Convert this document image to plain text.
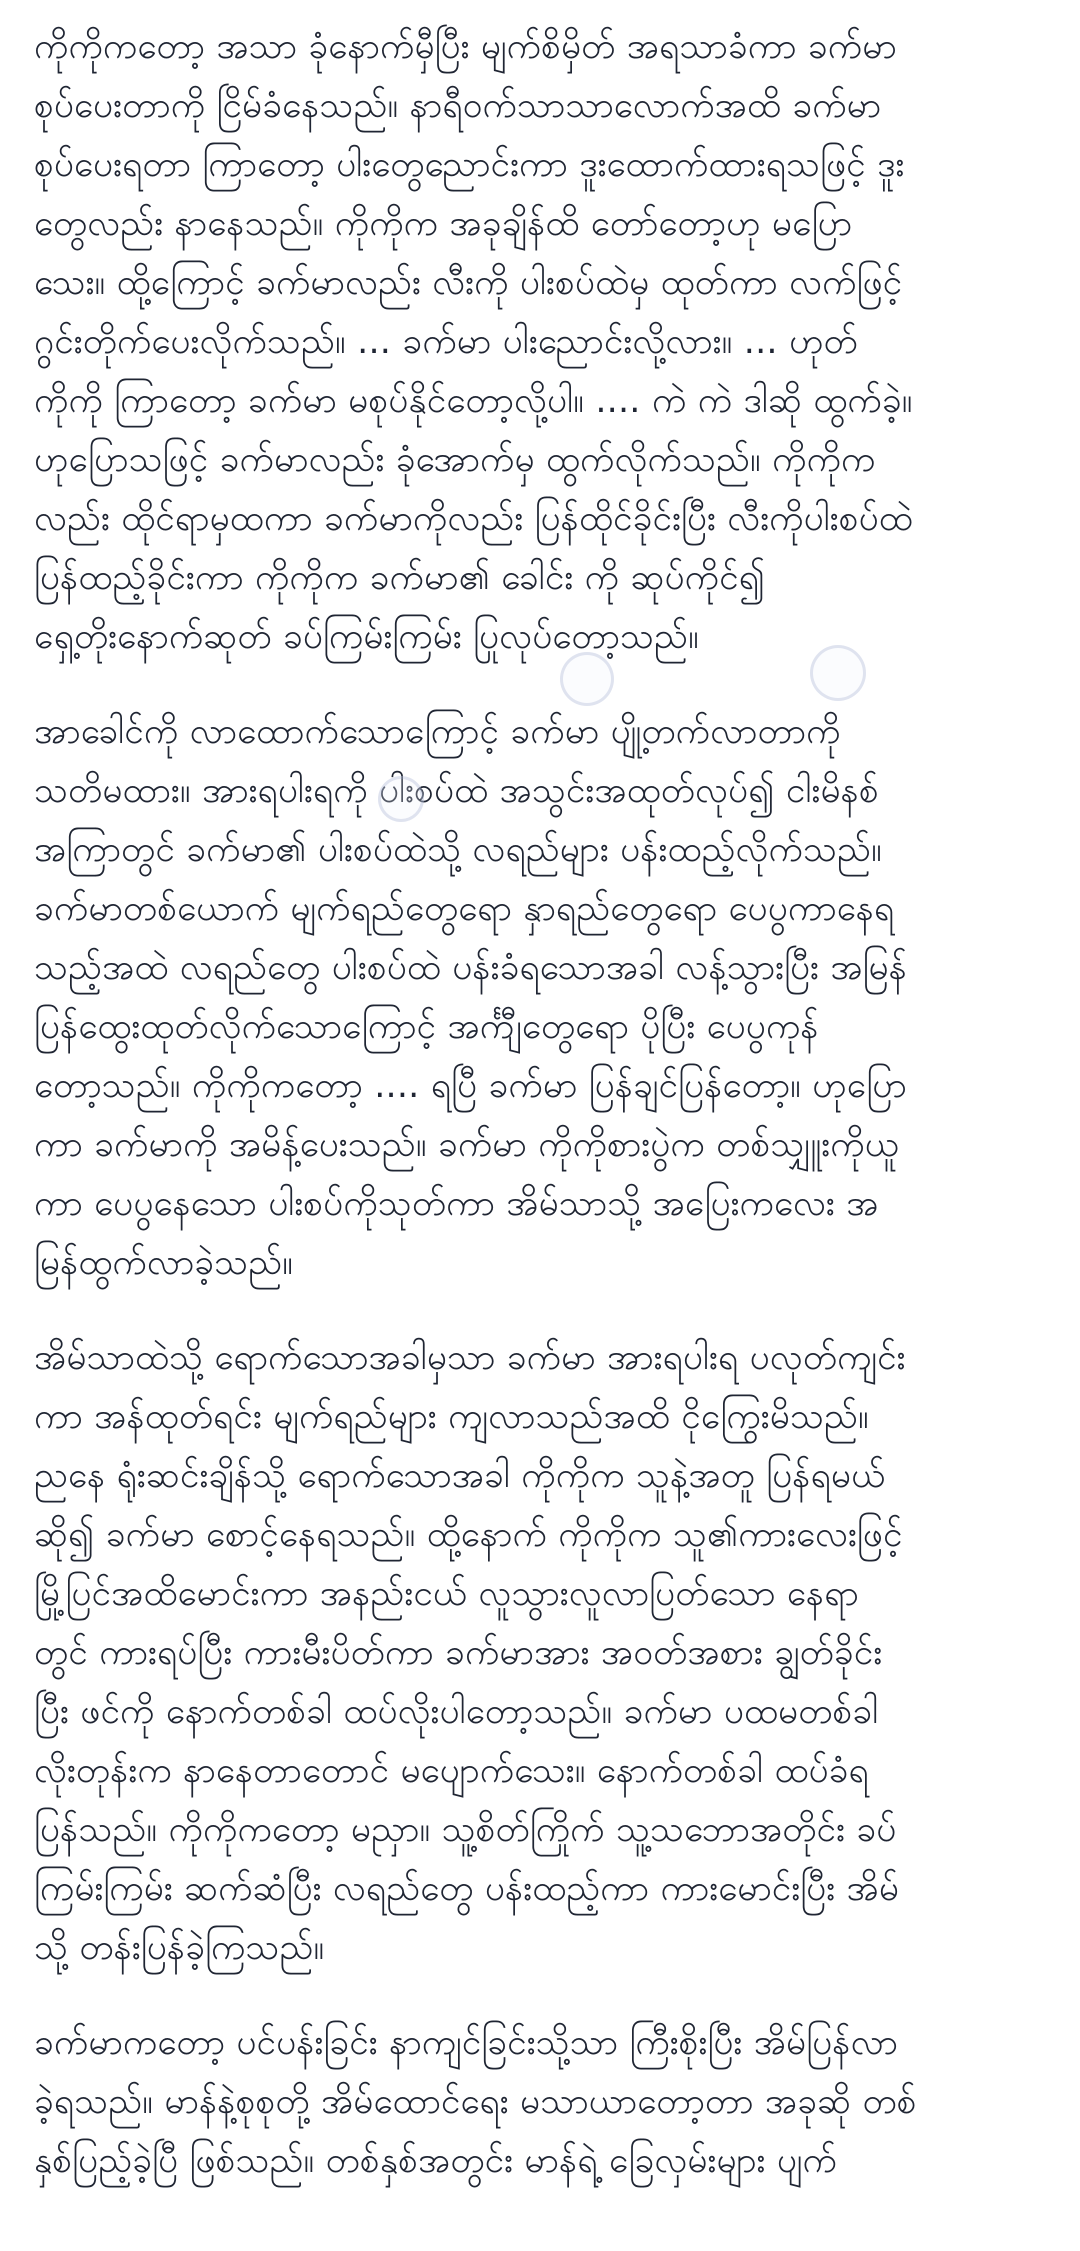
ကိုကိုကတော့ အသာ ခုံနောက်မှီပြီး မျက်စိမှိတ် အရသာခံကာ ခက်မာ
စုပ်ပေးတာကို ငြိမ်ခံနေသည်။ နာရီဝက်သာသာလောက်အထိ ခက်မာ
စုပ်ပေးရတာ ကြာတော့ ပါးတွေညောင်းကာ ဒူးထောက်ထားရသဖြင့် ဒူး
တွေလည်း နာနေသည်။ ကိုကိုက အခုချိန်ထိ တော်တော့ဟု မပြော
သေး။ ထို့ကြောင့် ခက်မာလည်း လီးကို ပါးစပ်ထဲမှ ထုတ်ကာ လက်ဖြင့်
ဂွင်းတိုက်ပေးလိုက်သည်။ ... ခက်မာ ပါးညောင်းလို့လား။ ... ဟုတ်
ကိုကို ကြာတော့ ခက်မာ မစုပ်နိုင်တော့လို့ပါ။ .... ကဲ ကဲ ဒါဆို ထွက်ခဲ့။
ဟုပြောသဖြင့် ခက်မာလည်း ခုံအောက်မှ ထွက်လိုက်သည်။ ကိုကိုက
လည်း ထိုင်ရာမှထကာ ခက်မာကိုလည်း ပြန်ထိုင်ခိုင်းပြီး လီးကိုပါးစပ်ထဲ
ပြန်ထည့်ခိုင်းကာ ကိုကိုက ခက်မာ၏ ခေါင်း ကို ဆုပ်ကိုင်၍
ရှေ့တိုးနောက်ဆုတ် ခပ်ကြမ်းကြမ်း ပြုလုပ်တော့သည်။
အာခေါင်ကို လာထောက်သောကြောင့် ခက်မာ ပျို့တက်လာတာကို
သတိမထား။ အားရပါးရကို ပါးစပ်ထဲ အသွင်းအထုတ်လုပ်၍ ငါးမိနစ်
အကြာတွင် ခက်မာ၏ ပါးစပ်ထဲသို့ လရည်များ ပန်းထည့်လိုက်သည်။
ခက်မာတစ်ယောက် မျက်ရည်တွေရော နှာရည်တွေရော ပေပွကာနေရ
သည့်အထဲ လရည်တွေ ပါးစပ်ထဲ ပန်းခံရသောအခါ လန့်သွားပြီး အမြန်
ပြန်ထွေးထုတ်လိုက်သောကြောင့် အင်္ကျီတွေရော ပိုပြီး ပေပွကုန်
တော့သည်။ ကိုကိုကတော့ .... ရပြီ ခက်မာ ပြန်ချင်ပြန်တော့။ ဟုပြော
ကာ ခက်မာကို အမိန့်ပေးသည်။ ခက်မာ ကိုကိုစားပွဲက တစ်သျှူးကိုယူ
ကာ ပေပွနေသော ပါးစပ်ကိုသုတ်ကာ အိမ်သာသို့ အပြေးကလေး အ
မြန်ထွက်လာခဲ့သည်။
အိမ်သာထဲသို့ ရောက်သောအခါမှသာ ခက်မာ အားရပါးရ ပလုတ်ကျင်း
ကာ အန်ထုတ်ရင်း မျက်ရည်များ ကျလာသည်အထိ ငိုကြွေးမိသည်။
ညနေ ရုံးဆင်းချိန်သို့ ရောက်သောအခါ ကိုကိုက သူနဲ့အတူ ပြန်ရမယ်
ဆို၍ ခက်မာ စောင့်နေရသည်။ ထို့နောက် ကိုကိုက သူ၏ကားလေးဖြင့်
မြို့ပြင်အထိမောင်းကာ အနည်းငယ် လူသွားလူလာပြတ်သော နေရာ
တွင် ကားရပ်ပြီး ကားမီးပိတ်ကာ ခက်မာအား အဝတ်အစား ချွတ်ခိုင်း
ပြီး ဖင်ကို နောက်တစ်ခါ ထပ်လိုးပါတော့သည်။ ခက်မာ ပထမတစ်ခါ
လိုးတုန်းက နာနေတာတောင် မပျောက်သေး။ နောက်တစ်ခါ ထပ်ခံရ
ပြန်သည်။ ကိုကိုကတော့ မညှာ။ သူ့စိတ်ကြိုက် သူ့သဘောအတိုင်း ခပ်
ကြမ်းကြမ်း ဆက်ဆံပြီး လရည်တွေ ပန်းထည့်ကာ ကားမောင်းပြီး အိမ်
သို့ တန်းပြန်ခဲ့ကြသည်။
ခက်မာကတော့ ပင်ပန်းခြင်း နာကျင်ခြင်းသို့သာ ကြီးစိုးပြီး အိမ်ပြန်လာ
ခဲ့ရသည်။ မာန်နဲ့စုစုတို့ အိမ်ထောင်ရေး မသာယာတော့တာ အခုဆို တစ်
နှစ်ပြည့်ခဲ့ပြီ ဖြစ်သည်။ တစ်နှစ်အတွင်း မာန်ရဲ့ ခြေလှမ်းများ ပျက်
